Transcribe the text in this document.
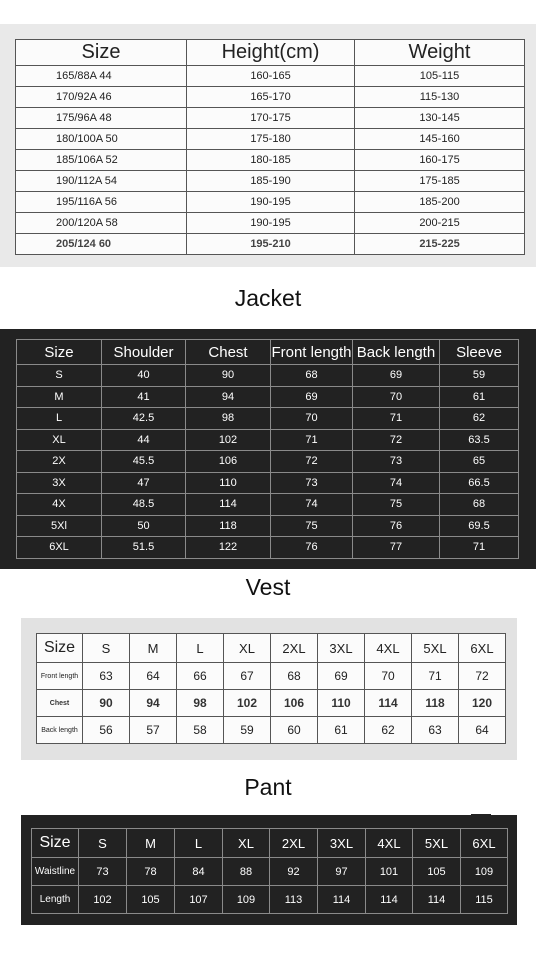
Size	Height(cm)	Weight
165/88A 44	160-165	105-115
170/92A 46	165-170	115-130
175/96A 48	170-175	130-145
180/100A 50	175-180	145-160
185/106A 52	180-185	160-175
190/112A 54	185-190	175-185
195/116A 56	190-195	185-200
200/120A 58	190-195	200-215
205/124 60	195-210	215-225
Jacket
Size	Shoulder	Chest	Front length	Back length	Sleeve
S	40	90	68	69	59
M	41	94	69	70	61
L	42.5	98	70	71	62
XL	44	102	71	72	63.5
2X	45.5	106	72	73	65
3X	47	110	73	74	66.5
4X	48.5	114	74	75	68
5Xl	50	118	75	76	69.5
6XL	51.5	122	76	77	71
Vest
Size	S	M	L	XL	2XL	3XL	4XL	5XL	6XL
Front length	63	64	66	67	68	69	70	71	72
Chest	90	94	98	102	106	110	114	118	120
Back length	56	57	58	59	60	61	62	63	64
Pant
Size	S	M	L	XL	2XL	3XL	4XL	5XL	6XL
Waistline	73	78	84	88	92	97	101	105	109
Length	102	105	107	109	113	114	114	114	115
